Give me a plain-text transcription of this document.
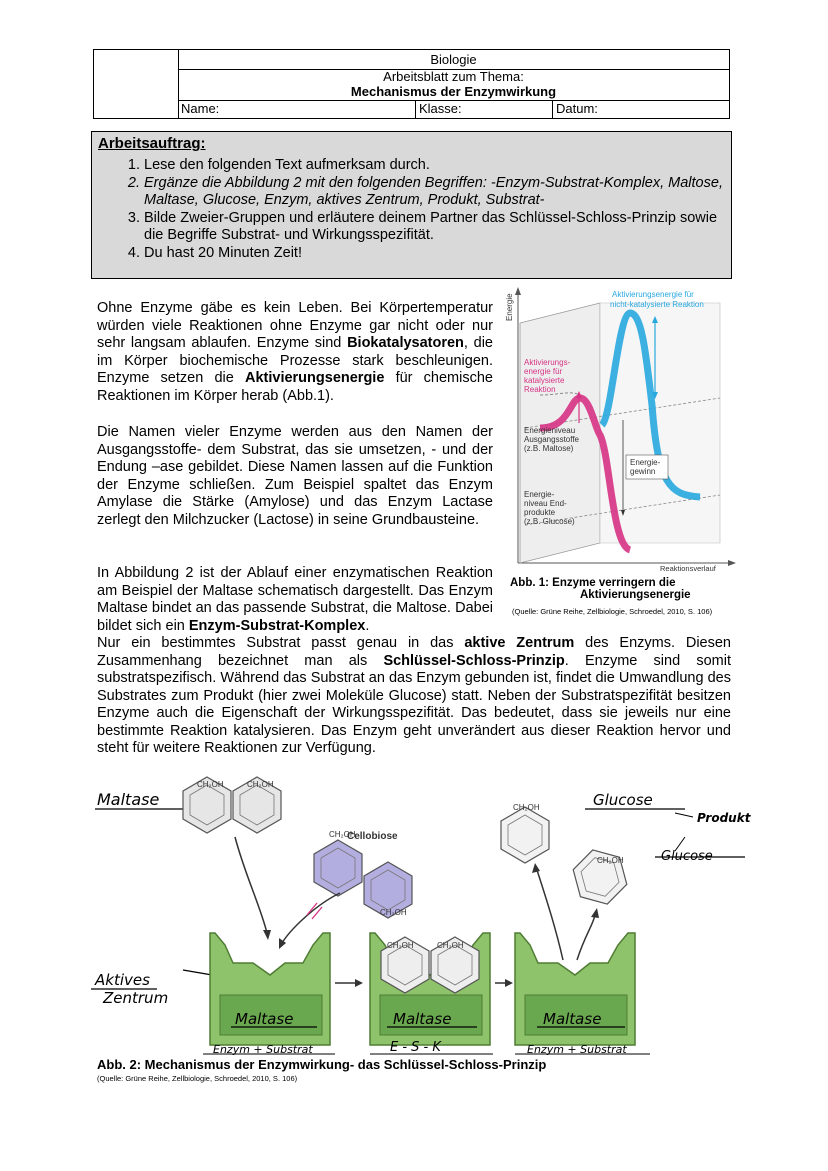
Biologie
Arbeitsblatt zum Thema:
Mechanismus der Enzymwirkung
Name:	Klasse:	Datum:
Arbeitsauftrag:
1. Lese den folgenden Text aufmerksam durch.
2. Ergänze die Abbildung 2 mit den folgenden Begriffen: -Enzym-Substrat-Komplex, Maltose, Maltase, Glucose, Enzym, aktives Zentrum, Produkt, Substrat-
3. Bilde Zweier-Gruppen und erläutere deinem Partner das Schlüssel-Schloss-Prinzip sowie die Begriffe Substrat- und Wirkungsspezifität.
4. Du hast 20 Minuten Zeit!
Ohne Enzyme gäbe es kein Leben. Bei Körpertemperatur würden viele Reaktionen ohne Enzyme gar nicht oder nur sehr langsam ablaufen. Enzyme sind Biokatalysatoren, die im Körper biochemische Prozesse stark beschleunigen. Enzyme setzen die Aktivierungsenergie für chemische Reaktionen im Körper herab (Abb.1).
Die Namen vieler Enzyme werden aus den Namen der Ausgangsstoffe- dem Substrat, das sie umsetzen, - und der Endung –ase gebildet. Diese Namen lassen auf die Funktion der Enzyme schließen. Zum Beispiel spaltet das Enzym Amylase die Stärke (Amylose) und das Enzym Lactase zerlegt den Milchzucker (Lactose) in seine Grundbausteine.
In Abbildung 2 ist der Ablauf einer enzymatischen Reaktion am Beispiel der Maltase schematisch dargestellt. Das Enzym Maltase bindet an das passende Substrat, die Maltose. Dabei bildet sich ein Enzym-Substrat-Komplex.
Nur ein bestimmtes Substrat passt genau in das aktive Zentrum des Enzyms. Diesen Zusammenhang bezeichnet man als Schlüssel-Schloss-Prinzip. Enzyme sind somit substratspezifisch. Während das Substrat an das Enzym gebunden ist, findet die Umwandlung des Substrates zum Produkt (hier zwei Moleküle Glucose) statt. Neben der Substratspezifität besitzen Enzyme auch die Eigenschaft der Wirkungsspezifität. Das bedeutet, dass sie jeweils nur eine bestimmte Reaktion katalysieren. Das Enzym geht unverändert aus dieser Reaktion hervor und steht für weitere Reaktionen zur Verfügung.
Energie
Reaktionsverlauf
Aktivierungsenergie für
nicht-katalysierte Reaktion
Aktivierungs-
energie für
katalysierte
Reaktion
Energieniveau
Ausgangsstoffe
(z.B. Maltose)
Energie-
gewinn
Energie-
niveau End-
produkte
(z.B. Glucose)
Abb. 1: Enzyme verringern die
Aktivierungsenergie
(Quelle: Grüne Reihe, Zellbiologie, Schroedel, 2010, S. 106)
Maltase
Aktives
Zentrum
Glucose
Produkt
Glucose
CH₂OH	CH₂OH
Cellobiose
CH₂OH
CH₂OH
Maltase
CH₂OH	CH₂OH
Maltase	Maltase
CH₂OH
CH₂OH
Enzym + Substrat	E - S - K	Enzym + Substrat
Abb. 2: Mechanismus der Enzymwirkung- das Schlüssel-Schloss-Prinzip
(Quelle: Grüne Reihe, Zellbiologie, Schroedel, 2010, S. 106)
